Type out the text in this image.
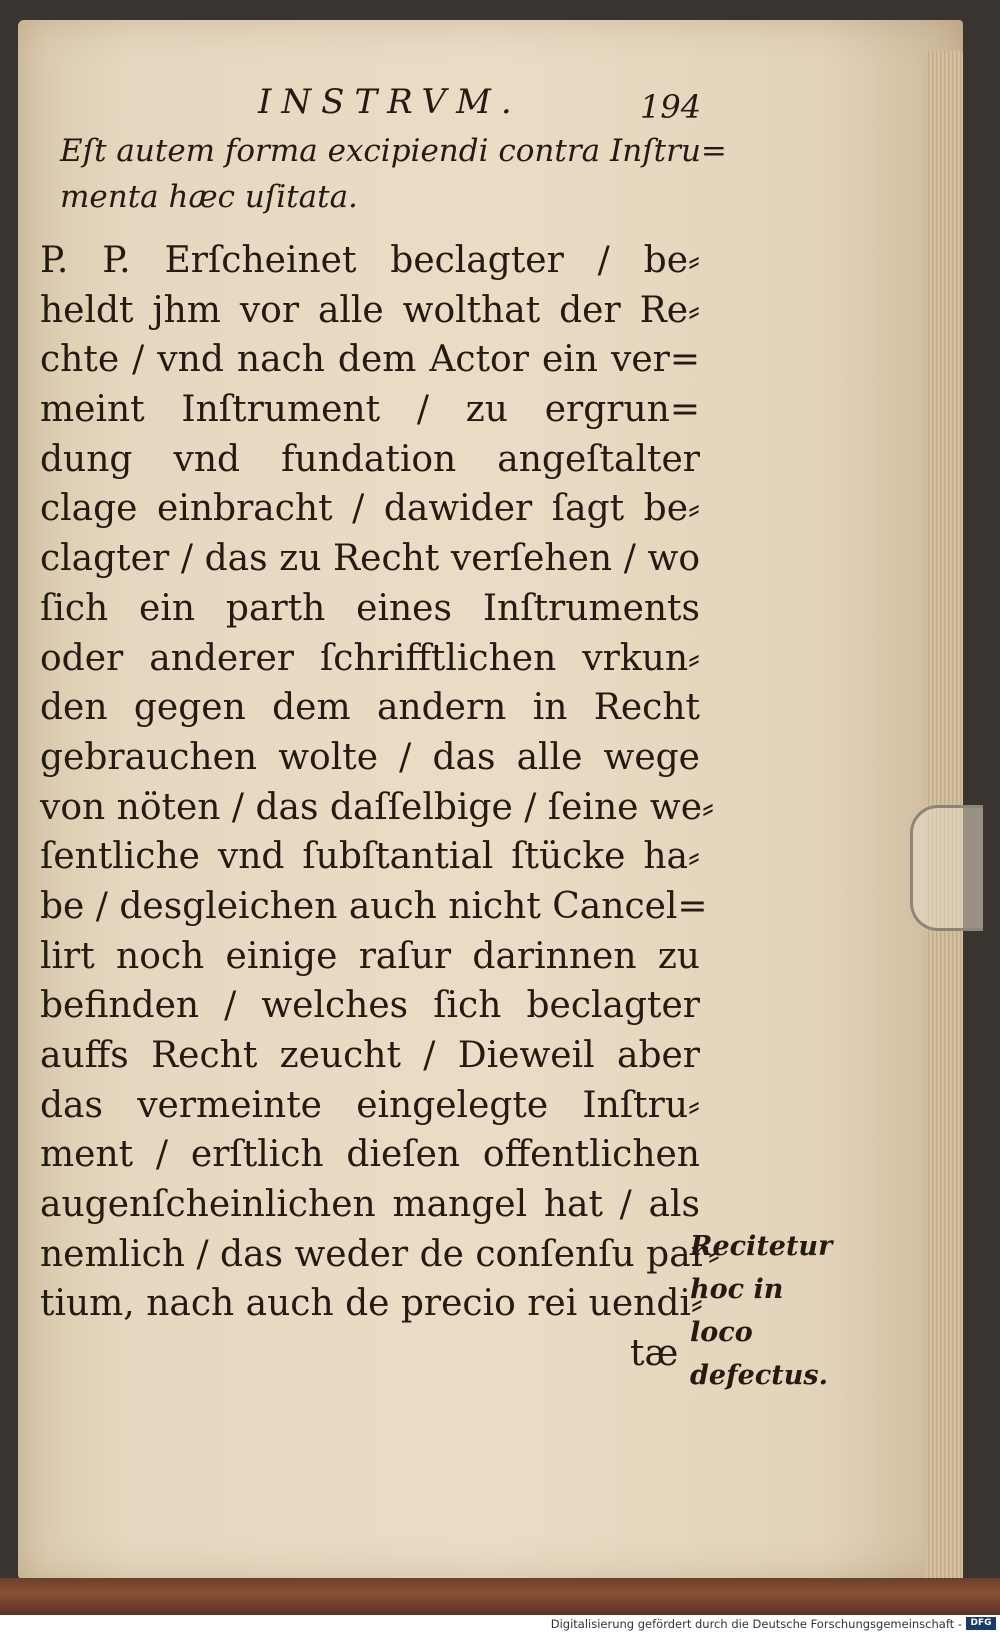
INSTRVM.	194
Eſt autem forma excipiendi contra Inſtru=
menta hæc uſitata.
P. P. Erſcheinet beclagter / be⸗
heldt jhm vor alle wolthat der Re⸗
chte / vnd nach dem Actor ein ver=
meint Inſtrument / zu ergrun=
dung vnd fundation angeſtalter
clage einbracht / dawider ſagt be⸗
clagter / das zu Recht verſehen / wo
ſich ein parth eines Inſtruments
oder anderer ſchrifftlichen vrkun⸗
den gegen dem andern in Recht
gebrauchen wolte / das alle wege
von nöten / das daſſelbige / ſeine we⸗
ſentliche vnd ſubſtantial ſtücke ha⸗
be / desgleichen auch nicht Cancel=
lirt noch einige raſur darinnen zu
befinden / welches ſich beclagter
auffs Recht zeucht / Dieweil aber
das vermeinte eingelegte Inſtru⸗
ment / erſtlich dieſen offentlichen
augenſcheinlichen mangel hat / als
nemlich / das weder de conſenſu par⸗
tium, nach auch de precio rei uendi⸗
tæ
Recitetur
hoc in loco
defectus.
Digitalisierung gefördert durch die Deutsche Forschungsgemeinschaft - DFG
